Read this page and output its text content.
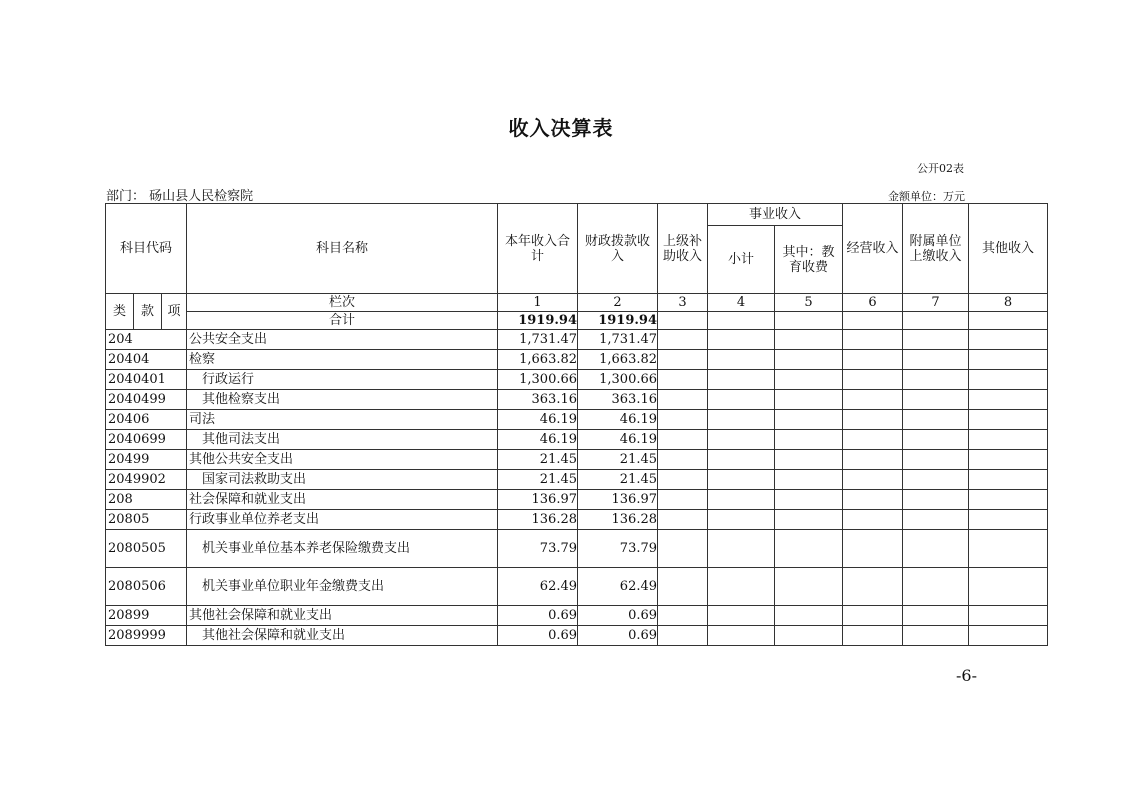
收入决算表
公开02表
部门： 砀山县人民检察院	金额单位：万元
科目代码			科目名称	本年收入合计	财政拨款收入	上级补助收入	事业收入		经营收入	附属单位上缴收入	其他收入
							小计	其中：教育收费			
类	款	项	栏次	1	2	3	4	5	6	7	8
			合计	1919.94	1919.94						
204			公共安全支出	1,731.47	1,731.47						
20404			检察	1,663.82	1,663.82						
2040401			行政运行	1,300.66	1,300.66						
2040499			其他检察支出	363.16	363.16						
20406			司法	46.19	46.19						
2040699			其他司法支出	46.19	46.19						
20499			其他公共安全支出	21.45	21.45						
2049902			国家司法救助支出	21.45	21.45						
208			社会保障和就业支出	136.97	136.97						
20805			行政事业单位养老支出	136.28	136.28						
2080505			机关事业单位基本养老保险缴费支出	73.79	73.79						
2080506			机关事业单位职业年金缴费支出	62.49	62.49						
20899			其他社会保障和就业支出	0.69	0.69						
2089999			其他社会保障和就业支出	0.69	0.69						
-6-
